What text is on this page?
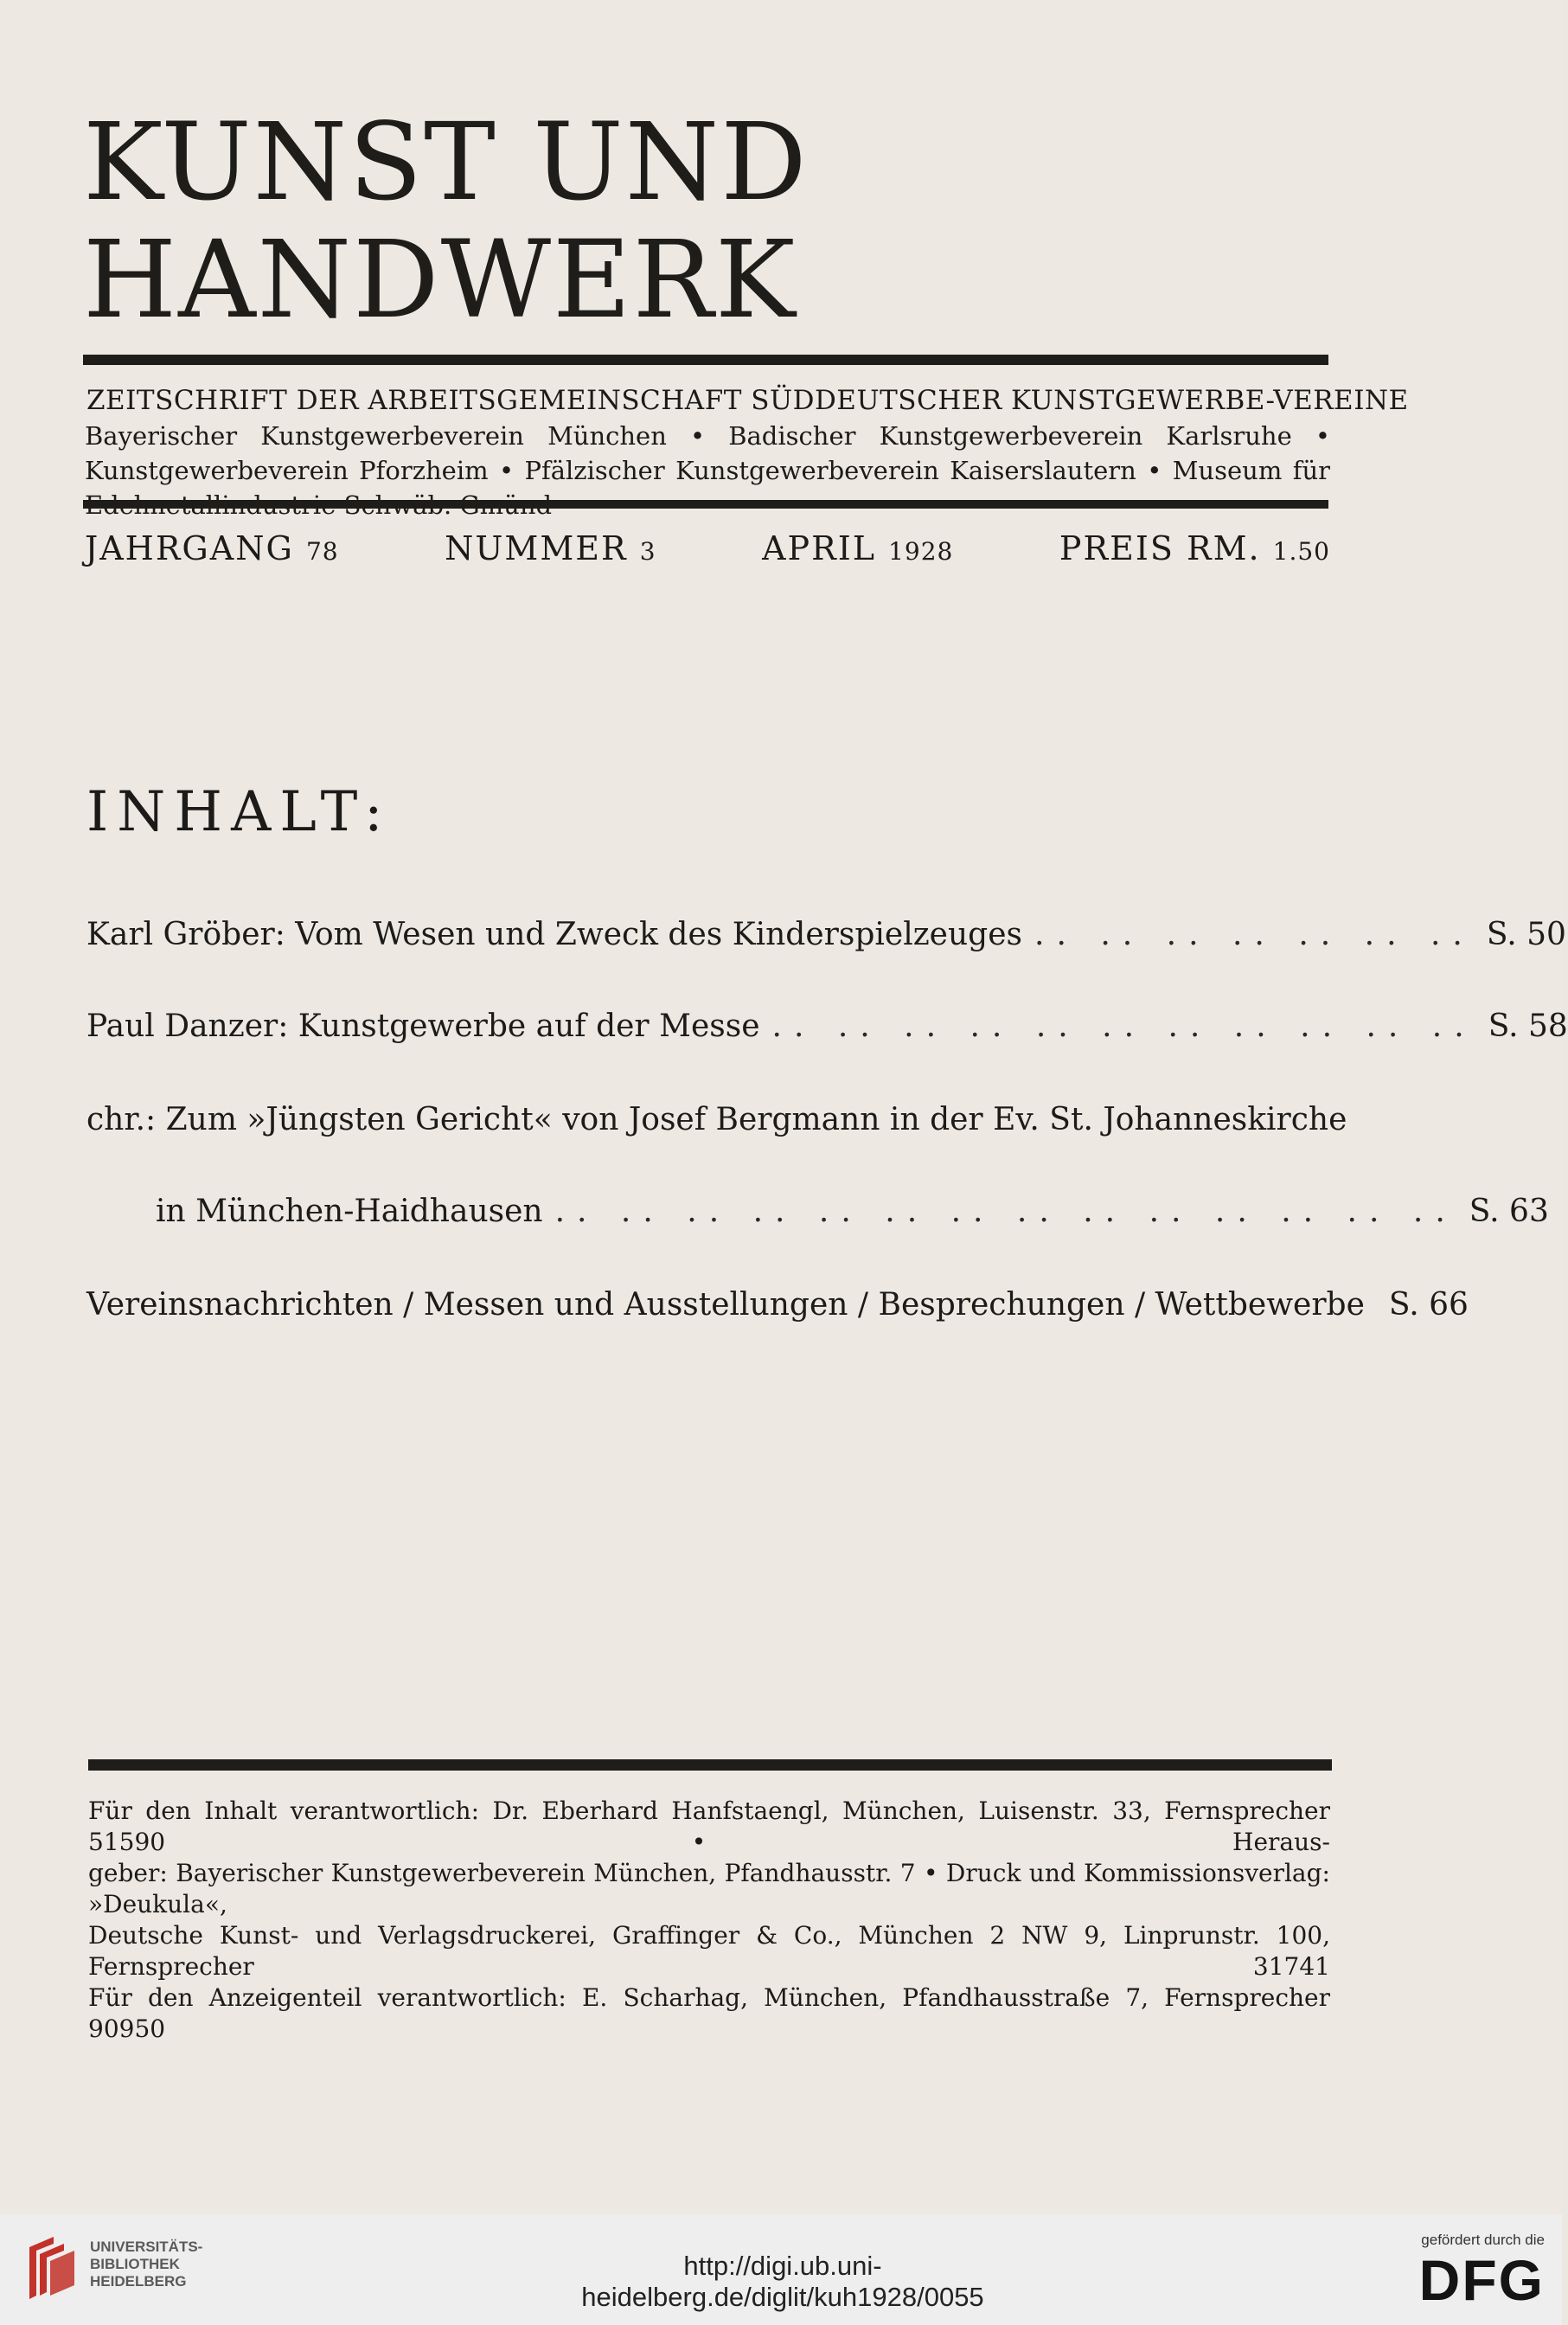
KUNST UND
HANDWERK
ZEITSCHRIFT DER ARBEITSGEMEINSCHAFT SÜDDEUTSCHER KUNSTGEWERBE-VEREINE
Bayerischer Kunstgewerbeverein München • Badischer Kunstgewerbeverein Karlsruhe • Kunstgewerbeverein Pforzheim • Pfälzischer Kunstgewerbeverein Kaiserslautern • Museum für
JAHRGANG 78	NUMMER 3	APRIL 1928	PREIS RM. 1.50
INHALT:
Karl Gröber: Vom Wesen und Zweck des Kinderspielzeuges .. .. .. .. .. .. .. S. 50
Paul Danzer: Kunstgewerbe auf der Messe .. .. .. .. .. .. .. .. .. .. .. S. 58
chr.: Zum »Jüngsten Gericht« von Josef Bergmann in der Ev. St. Johanneskirche
in München-Haidhausen .. .. .. .. .. .. .. .. .. .. .. .. .. .. S. 63
Vereinsnachrichten / Messen und Ausstellungen / Besprechungen / Wettbewerbe S. 66

Für den Inhalt verantwortlich: Dr. Eberhard Hanfstaengl, München, Luisenstr. 33, Fernsprecher 51590 • Heraus-

geber: Bayerischer Kunstgewerbeverein München, Pfandhausstr. 7 • Druck und Kommissionsverlag: »Deukula«,

Deutsche Kunst- und Verlagsdruckerei, Graffinger & Co., München 2 NW 9, Linprunstr. 100, Fernsprecher 31741

Für den Anzeigenteil verantwortlich: E. Scharhag, München, Pfandhausstraße 7, Fernsprecher 90950

UNIVERSITÄTS-
BIBLIOTHEK
HEIDELBERG
http://digi.ub.uni-heidelberg.de/diglit/kuh1928/0055
gefördert durch die
DFG
